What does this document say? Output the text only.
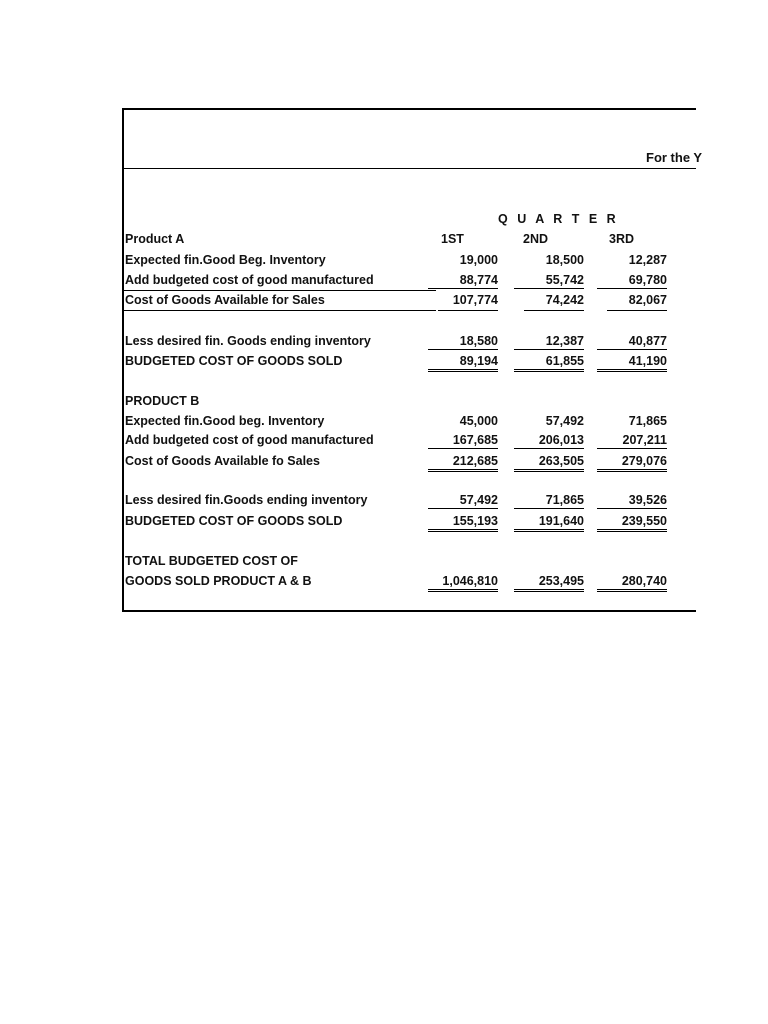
For the Y
Q U A R T E R
Product A	1ST	2ND	3RD
Expected fin.Good Beg. Inventory	19,000	18,500	12,287
Add budgeted cost of good manufactured	88,774	55,742	69,780
Cost of Goods Available for Sales	107,774	74,242	82,067
Less desired fin. Goods ending inventory	18,580	12,387	40,877
BUDGETED COST OF GOODS SOLD	89,194	61,855	41,190
PRODUCT B
Expected fin.Good beg. Inventory	45,000	57,492	71,865
Add budgeted cost of good manufactured	167,685	206,013	207,211
Cost of Goods Available fo Sales	212,685	263,505	279,076
Less desired fin.Goods ending inventory	57,492	71,865	39,526
BUDGETED COST OF GOODS SOLD	155,193	191,640	239,550
TOTAL BUDGETED COST OF
GOODS SOLD PRODUCT A & B	1,046,810	253,495	280,740
